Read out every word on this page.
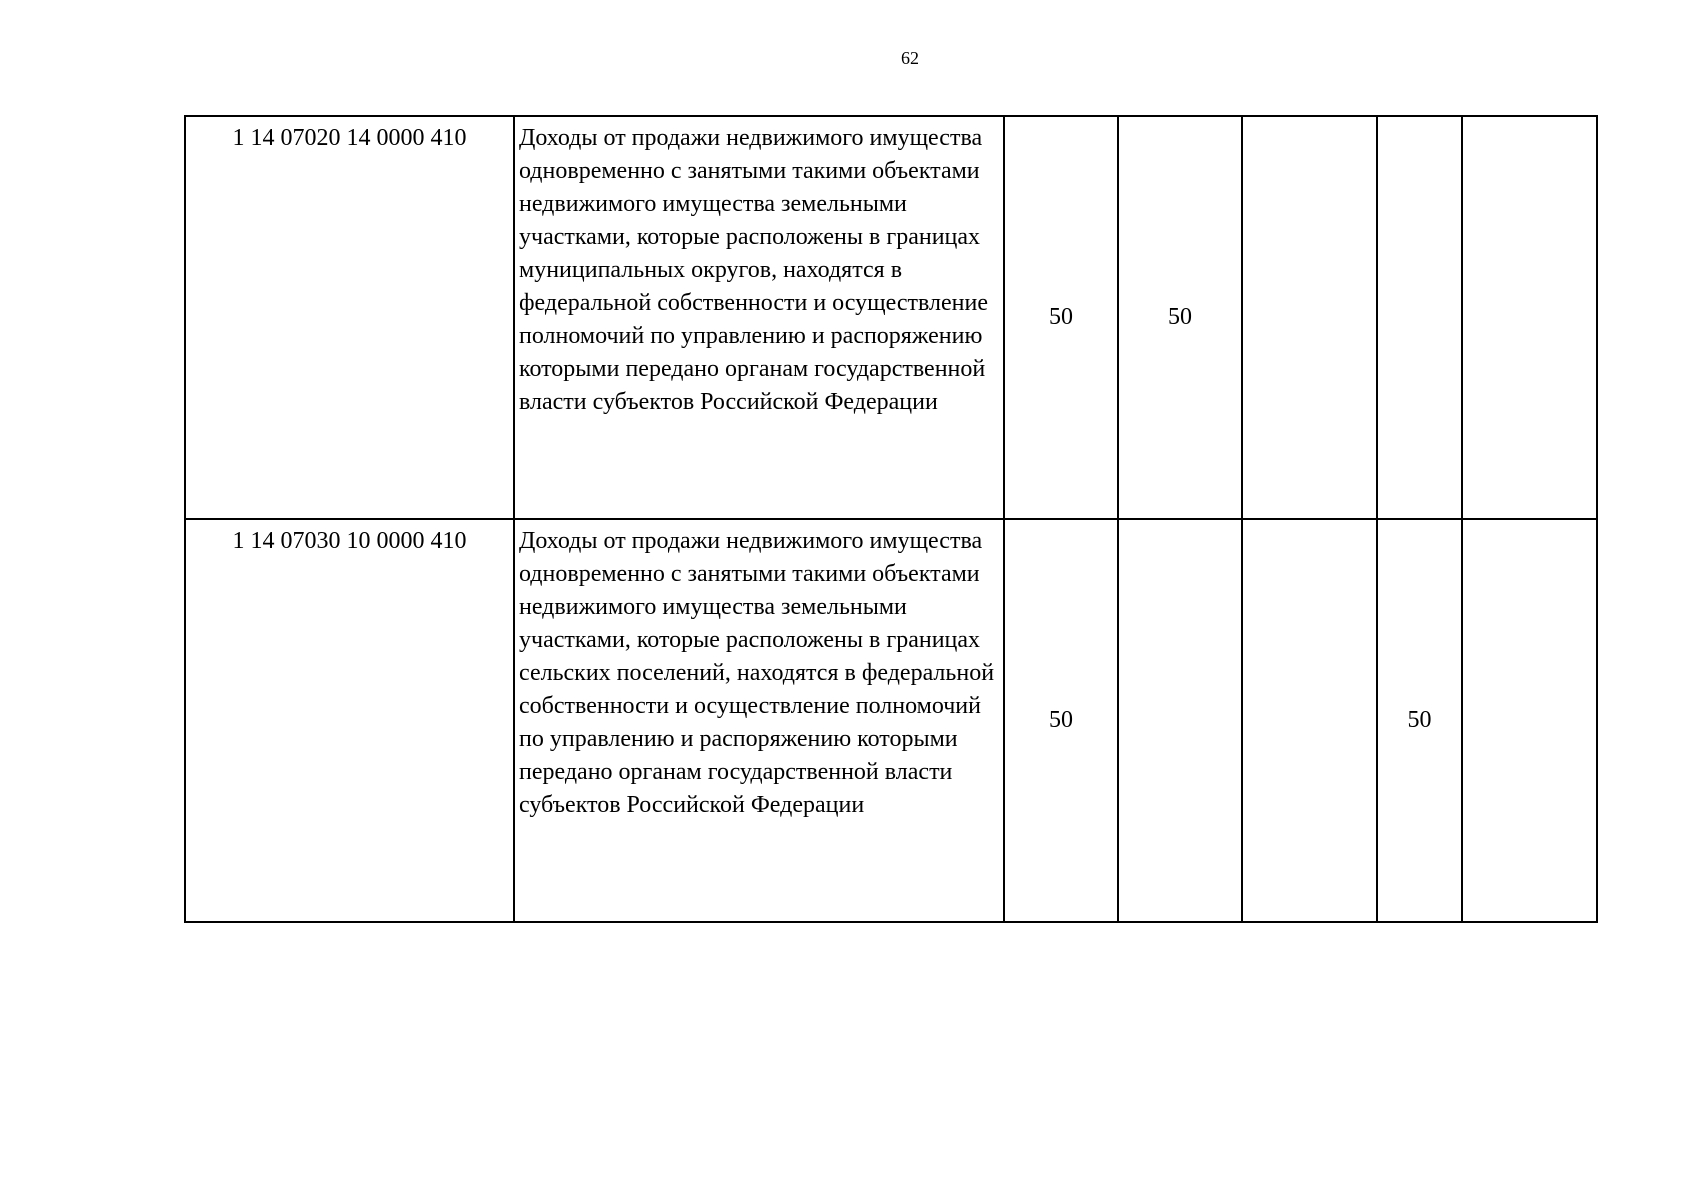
62
1 14 07020 14 0000 410	Доходы от продажи недвижимого имущества одновременно с занятыми такими объектами недвижимого имущества земельными участками, которые расположены в границах муниципальных округов, находятся в федеральной собственности и осуществление полномочий по управлению и распоряжению которыми передано органам государственной власти субъектов Российской Федерации	50	50			
1 14 07030 10 0000 410	Доходы от продажи недвижимого имущества одновременно с занятыми такими объектами недвижимого имущества земельными участками, которые расположены в границах сельских поселений, находятся в федеральной собственности и осуществление полномочий по управлению и распоряжению которыми передано органам государственной власти субъектов Российской Федерации	50			50	
